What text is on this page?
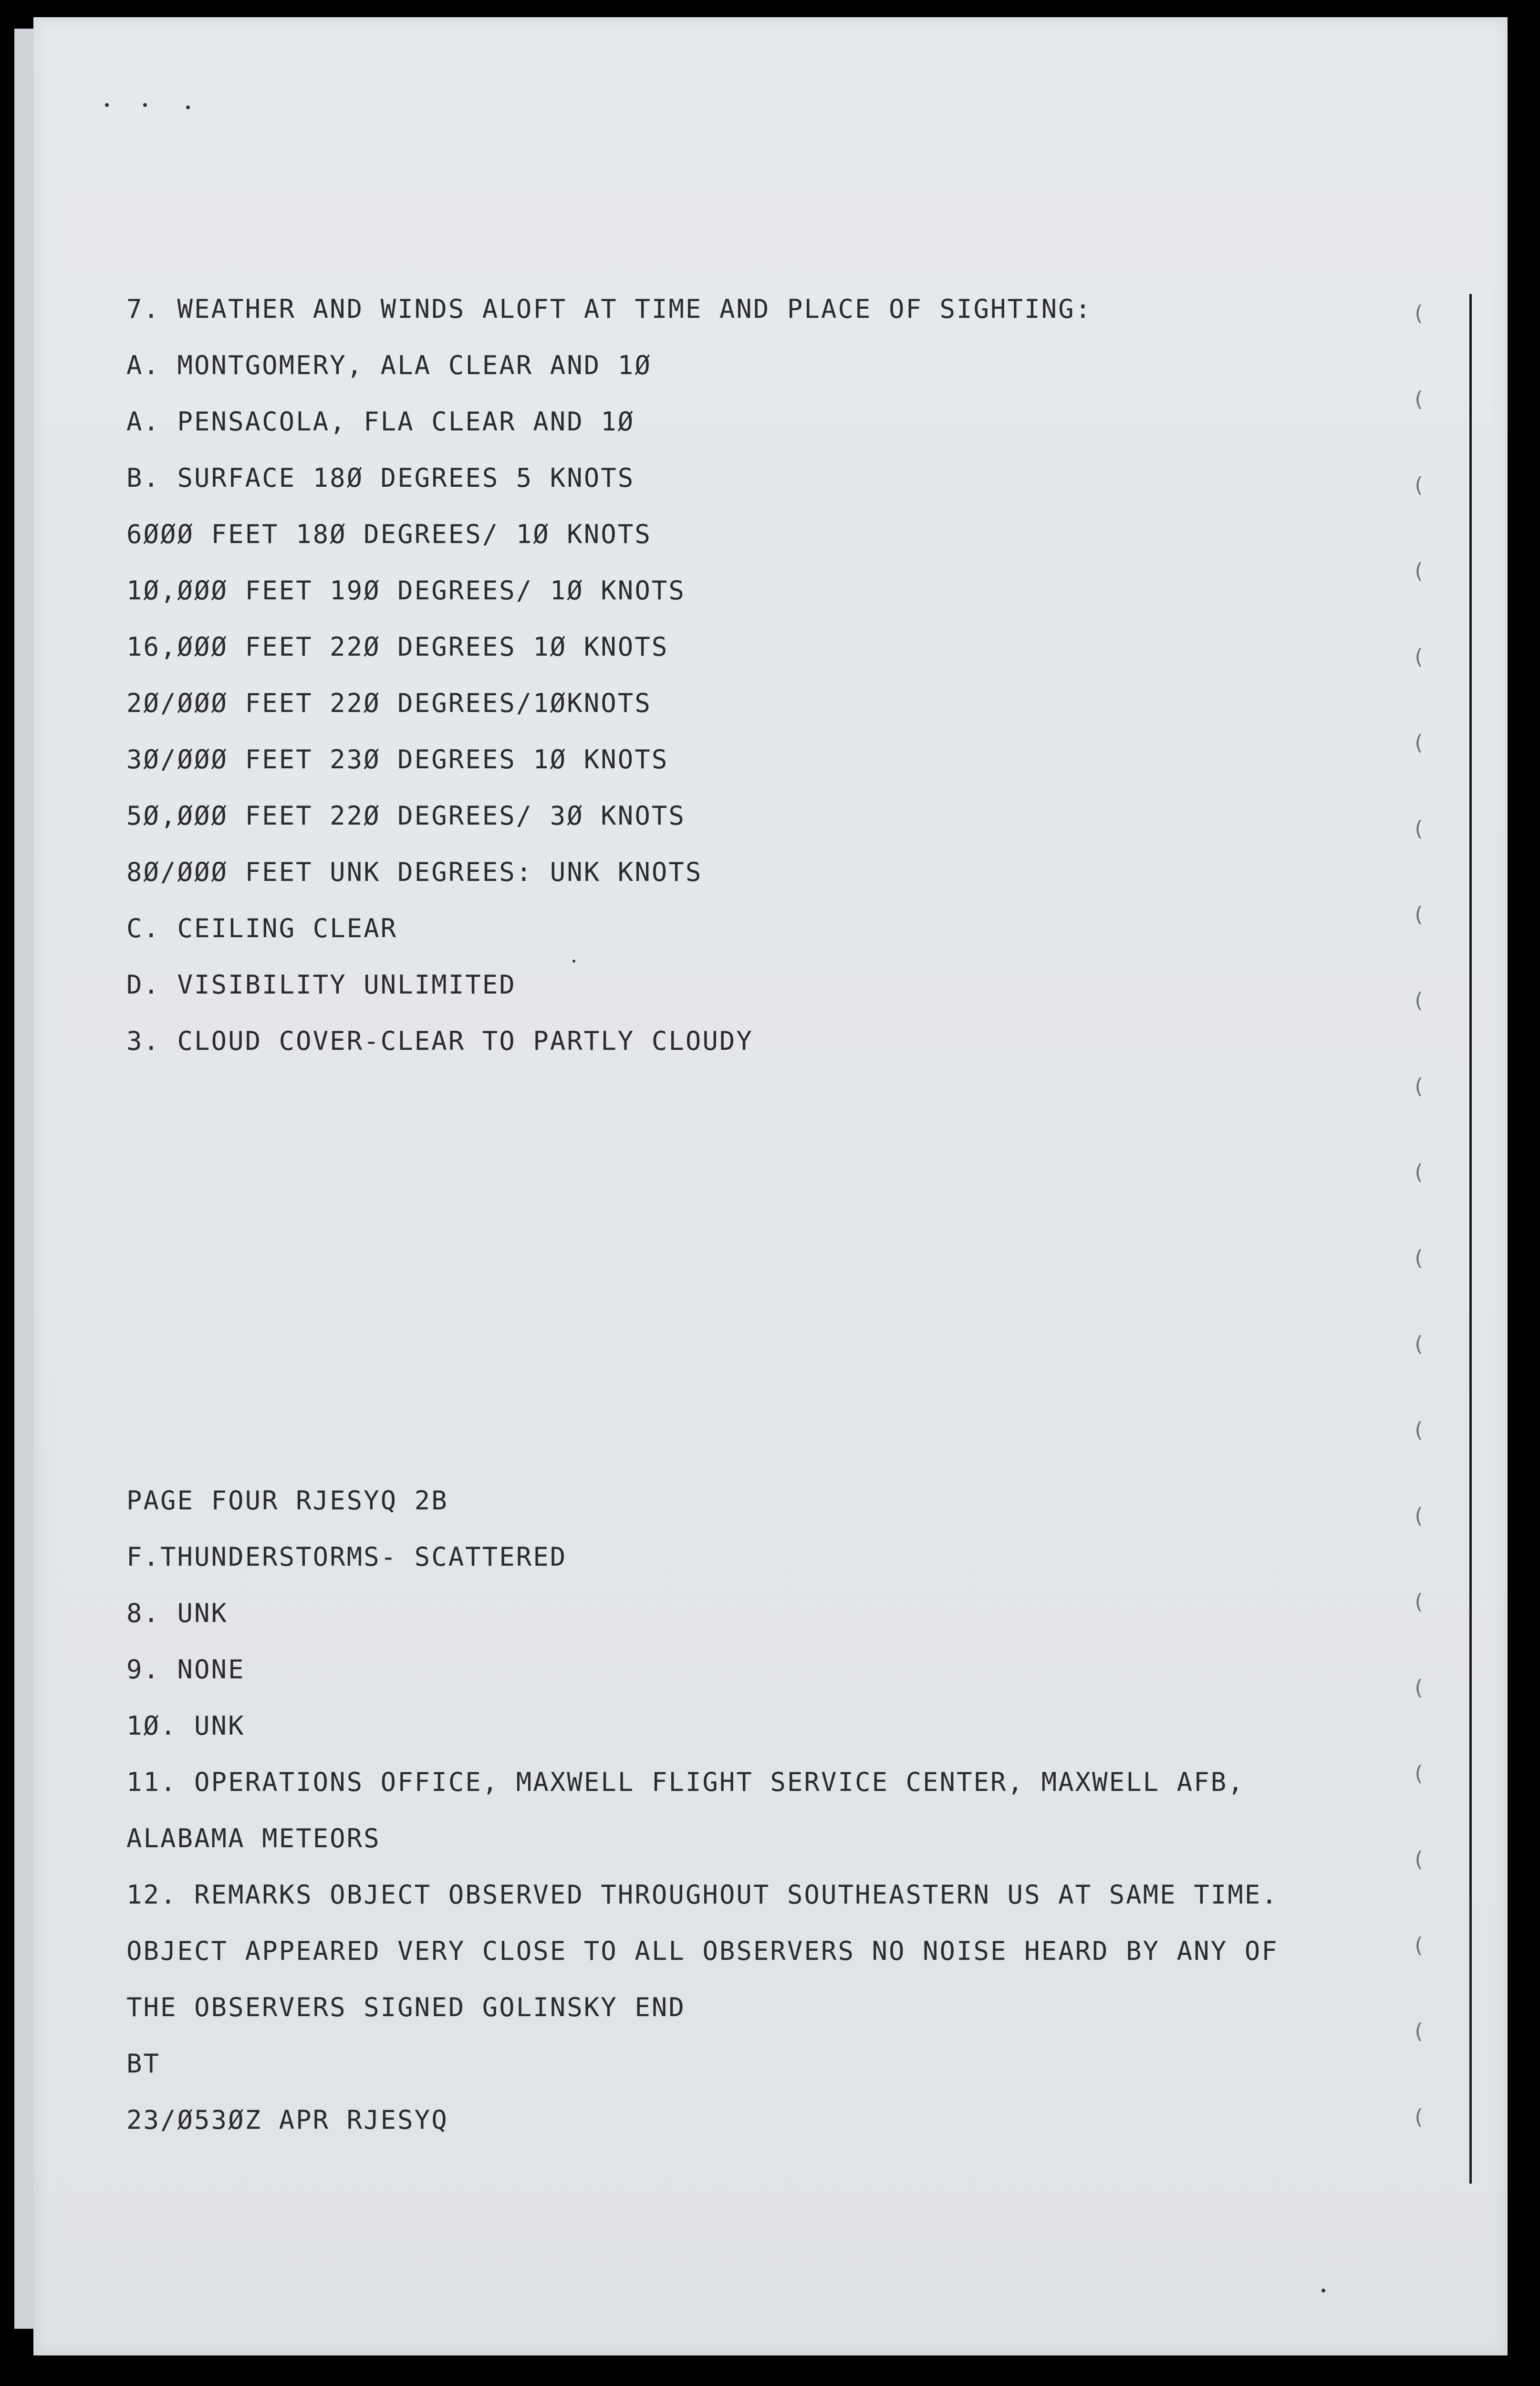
(
(
(
(
(
(
(
(
(
(
(
(
(
(
(
(
(
(
(
(
(
(
7. WEATHER AND WINDS ALOFT AT TIME AND PLACE OF SIGHTING:
A. MONTGOMERY, ALA CLEAR AND 1Ø
A. PENSACOLA, FLA CLEAR AND 1Ø
B. SURFACE 18Ø DEGREES 5 KNOTS
6ØØØ FEET 18Ø DEGREES/ 1Ø KNOTS
1Ø,ØØØ FEET 19Ø DEGREES/ 1Ø KNOTS
16,ØØØ FEET 22Ø DEGREES 1Ø KNOTS
2Ø/ØØØ FEET 22Ø DEGREES/1ØKNOTS
3Ø/ØØØ FEET 23Ø DEGREES 1Ø KNOTS
5Ø,ØØØ FEET 22Ø DEGREES/ 3Ø KNOTS
8Ø/ØØØ FEET UNK DEGREES: UNK KNOTS
C. CEILING CLEAR
D. VISIBILITY UNLIMITED
3. CLOUD COVER-CLEAR TO PARTLY CLOUDY
PAGE FOUR RJESYQ 2B
F.THUNDERSTORMS- SCATTERED
8. UNK
9. NONE
1Ø. UNK
11. OPERATIONS OFFICE, MAXWELL FLIGHT SERVICE CENTER, MAXWELL AFB,
ALABAMA METEORS
12. REMARKS OBJECT OBSERVED THROUGHOUT SOUTHEASTERN US AT SAME TIME.
OBJECT APPEARED VERY CLOSE TO ALL OBSERVERS NO NOISE HEARD BY ANY OF
THE OBSERVERS SIGNED GOLINSKY END
BT
23/Ø53ØZ APR RJESYQ
